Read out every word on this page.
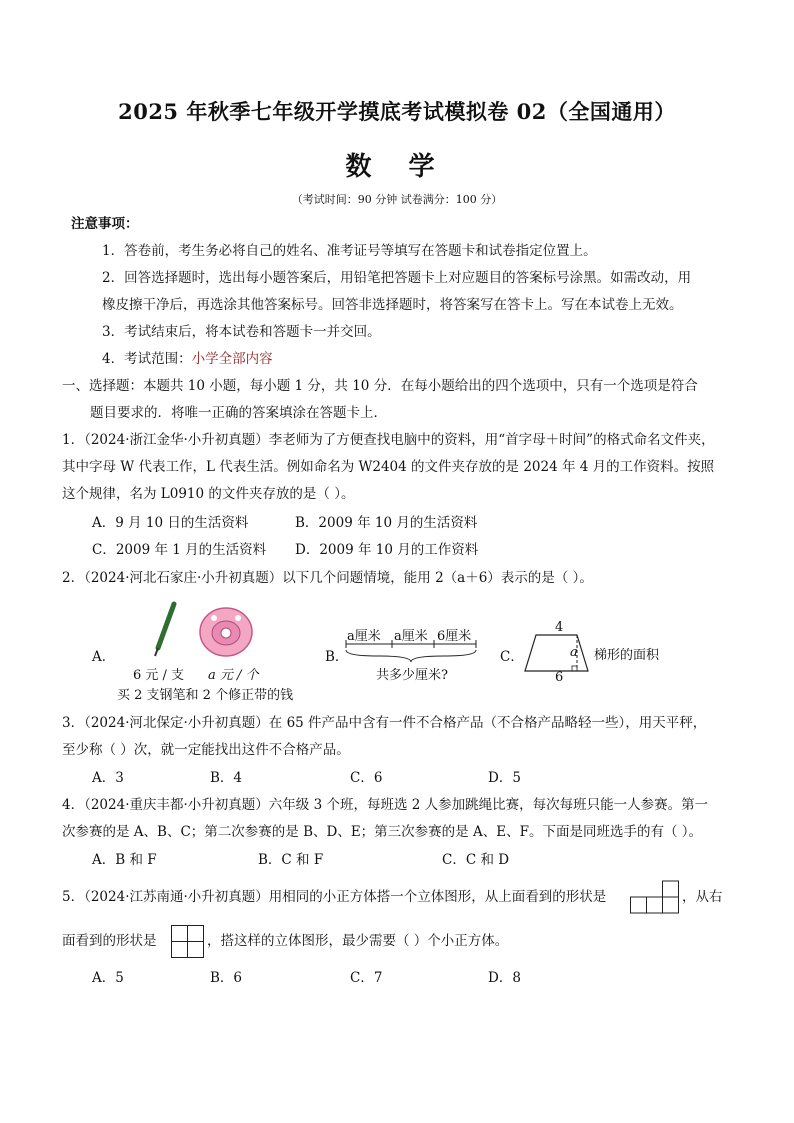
2025 年秋季七年级开学摸底考试模拟卷 02（全国通用）
数 学
（考试时间：90 分钟 试卷满分：100 分）
注意事项：
1．答卷前，考生务必将自己的姓名、准考证号等填写在答题卡和试卷指定位置上。
2．回答选择题时，选出每小题答案后，用铅笔把答题卡上对应题目的答案标号涂黑。如需改动，用
橡皮擦干净后，再选涂其他答案标号。回答非选择题时，将答案写在答卡上。写在本试卷上无效。
3．考试结束后，将本试卷和答题卡一并交回。
4．考试范围：小学全部内容
一、选择题：本题共 10 小题，每小题 1 分，共 10 分．在每小题给出的四个选项中，只有一个选项是符合
题目要求的．将唯一正确的答案填涂在答题卡上．
1．（2024·浙江金华·小升初真题）李老师为了方便查找电脑中的资料，用“首字母＋时间”的格式命名文件夹，
其中字母 W 代表工作，L 代表生活。例如命名为 W2404 的文件夹存放的是 2024 年 4 月的工作资料。按照
这个规律，名为 L0910 的文件夹存放的是（ ）。
A．9 月 10 日的生活资料	B．2009 年 10 月的生活资料
C．2009 年 1 月的生活资料 D．2009 年 10 月的工作资料
2．（2024·河北石家庄·小升初真题）以下几个问题情境，能用 2（a＋6）表示的是（ ）。
A．
6 元 / 支 a 元 / 个
买 2 支钢笔和 2 个修正带的钱
B．
a厘米 a厘米 6厘米
共多少厘米?
C．
4
a
6
梯形的面积
3．（2024·河北保定·小升初真题）在 65 件产品中含有一件不合格产品（不合格产品略轻一些），用天平秤，
至少称（ ）次，就一定能找出这件不合格产品。
A．3	B．4	C．6	D．5
4．（2024·重庆丰都·小升初真题）六年级 3 个班，每班选 2 人参加跳绳比赛，每次每班只能一人参赛。第一
次参赛的是 A、B、C；第二次参赛的是 B、D、E；第三次参赛的是 A、E、F。下面是同班选手的有（ ）。
A．B 和 F	B．C 和 F	C．C 和 D
5．（2024·江苏南通·小升初真题）用相同的小正方体搭一个立体图形，从上面看到的形状是	，从右
面看到的形状是	，搭这样的立体图形，最少需要（ ）个小正方体。
A．5	B．6	C．7	D．8
